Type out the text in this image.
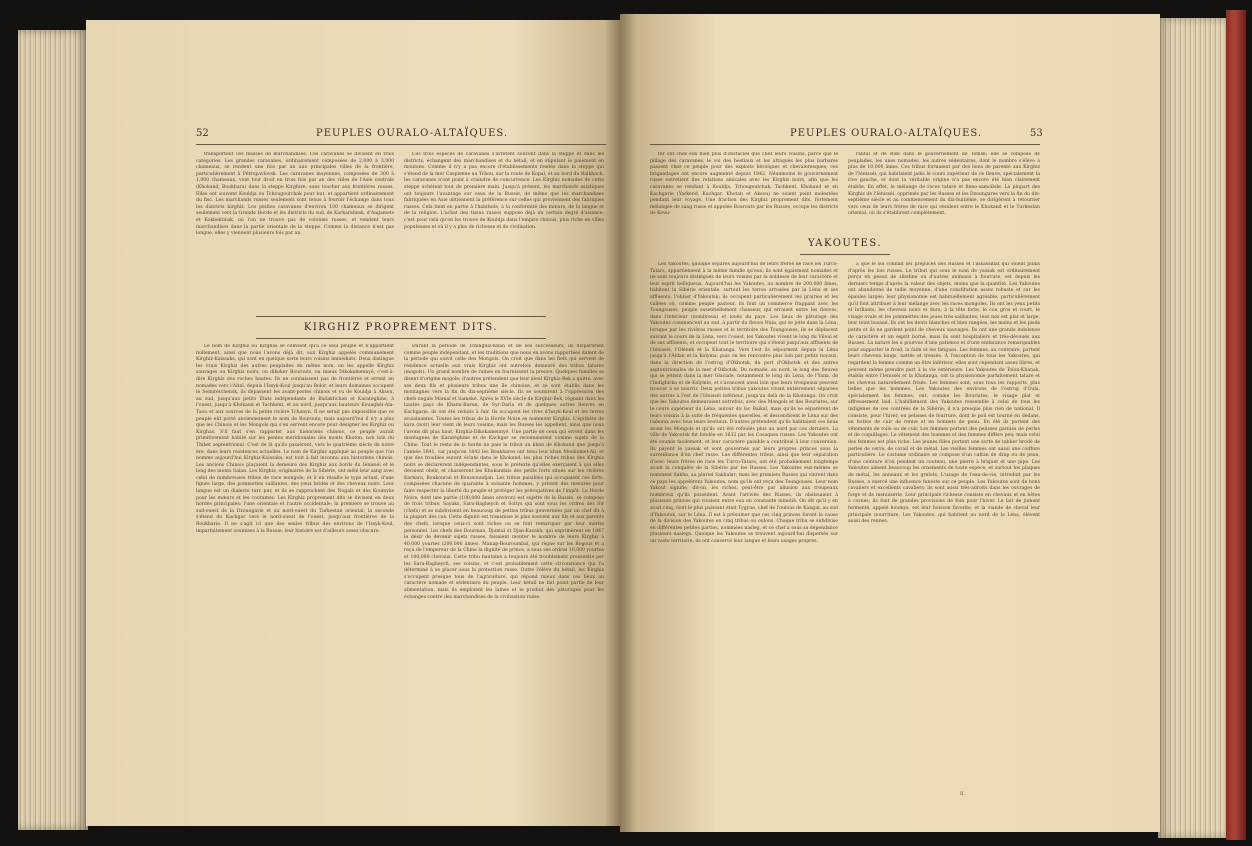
52	PEUPLES OURALO-ALTAÏQUES.

transportent ces masses de marchandises. Ces caravanes se divisent en trois catégories. Les grandes caravanes, ordinairement composées de 2,000 à 3,000 chameaux, se rendent une fois par an aux principales villes de la frontière, particulièrement à Pétropavlovsk. Les caravanes moyennes, composées de 300 à 1,000 chameaux, vont tout droit en trois fois par an des villes de l'Asie centrale (Khokand, Boukhara) dans la steppe Kirghize, sans toucher aux frontières russes. Elles ont souvent Kouldja ou Tchougoutchak pour but, et appartient ordinairement du fisc. Les marchands russes seulement sont tenus à fournir l'échange dans tous les districts kirghiz. Les petites caravanes d'environ 100 chameaux se dirigent seulement vers la Grande Horde et les districts du sud, de Karkaralinsk, d'Aagamets et Kokbektinsk, où l'on ne trouve pas de colonies russes, et vendent leurs marchandises dans la partie orientale de la steppe. Comme la distance n'est pas longue, elles y viennent plusieurs fois par an.

Ces trois espèces de caravanes s'arrêtent souvent dans la steppe et dans les districts, échangent des marchandises et du bétail, et en stipulant le paiement en moutons. Comme il n'y a pas encore d'établissements fondés dans la steppe qui s'étend de la mer Caspienne au Tchou, sur la route de Kopal, et au bord du Balkhach, les caravanes n'ont point à craindre de concurrence. Les Kirghiz nomades de cette steppe achètent tout de première main. Jusqu'à présent, les marchands asiatiques ont toujours l'avantage sur ceux de la Russie, de même que les marchandises fabriquées en Asie obtiennent la préférence sur celles qui proviennent des fabriques russes. Cela tient en partie à l'habitude, à la conformité des mœurs, de la langue et de la religion. L'achat des tissus russes suppose déjà un certain degré d'aisance; c'est pour cela qu'on les trouve de Kouldja dans l'empire chinois, plus riche en villes populeuses et où il y a plus de richesse et de civilisation.

KIRGHIZ PROPREMENT DITS.

Le nom de Kirghiz ou Kirghas se convient qu'à ce seul peuple et n'appartient nullement, ainsi que nous l'avons déjà dit, aux Kirghiz appelés communément Kirghiz-Kaïssaks, qui sont en quelque sorte leurs voisins immédiats. Deux distingue les vrais Kirghiz des autres peuplades du même nom, on les appelle Kirghiz sauvages ou Kirghiz noirs, ou dikoker Bourouts, ou mieux Dikokamennyé, c'est-à-dire Kirghiz des roches hautes. Ils ne connaissent pas de frontières et errent en nomades vers l'Altaï, depuis l'Issyk-Koul jusqu'au Bolor, et leurs domaines occupent le Semirétchensk, ils dépassent les avant-postes chinois et vu de Kouldja à Aksou, au sud, jusqu'aux petits États indépendants de Badakhchan et Karatéghine, à l'ouest, jusqu'à Khokand et Tachkent, et au nord, jusqu'aux hauteurs Kounghéi-Ala-Taou et aux sources de la petite rivière Tchanyn. Il ne serait pas impossible que ce peuple eût porté anciennement le nom de Bourouts; mais aujourd'hui il n'y a plus que les Chinois et les Mongols qui s'en servent encore pour désigner les Kirghiz ou Kirghas. S'il faut s'en rapporter aux historiens chinois, ce peuple aurait primitivement habité sur les pentes méridionales des monts Khoton, non loin du Thibet septentrional. C'est de là qu'ils passèrent, vers le quatrième siècle de notre ère, dans leurs résidences actuelles. Le nom de Kirghiz appliqué au peuple que l'on nomme aujourd'hui Kirghiz-Kaïssaks, est tout à fait inconnu aux historiens chinois. Les anciens Chinois plaçaient la demeure des Kirghiz aux bords du Iénisséi et le long des monts Saïan. Les Kirghiz, originaires de la Sibérie, ont mêlé leur sang avec celui de nombreuses tribus de race mongole, et il en résulte le type actuel, d'une figure large, des pommettes saillantes, des yeux bridés et des cheveux noirs. Leur langue est un dialecte turc pur, et ils se rapprochent des Nogaïs et des Koumyks pour les mœurs et les coutumes. Les Kirghiz proprement dits se divisent en deux hordes principales: l'une orientale et l'autre occidentale; la première se trouve au sud-ouest de la Dzoungarie et au nord-ouest du Turkestan oriental; la seconde s'étend du Kachgar vers le nord-ouest de l'ouest, jusqu'aux frontières de la Boukharie. Il ne s'agit ici que des seules tribus des environs de l'Issyk-Koul, imparfaitement soumises à la Russie; leur histoire est d'ailleurs assez obscure.

Durant la période de Tchinguiz-Khan et de ses successeurs, ils disparurent comme peuple indépendant, et les traditions que nous en avons rapportées datent de la période qui suivit celle des Mongols. On croit que dans les fiefs qui servent de résidence actuelle aux vrais Kirghiz ont autrefois demeuré des tribus tatares (mogols). Un grand nombre de ruines en fournissent la preuve. Quelques familles se disent d'origine mogole; d'autres prétendent que leur aïeul Kirghiz-Bek a quitté, avec ses deux fils et plusieurs tribus une île chinoise, et se sont établis dans les montagnes vers la fin du dix-septième siècle. Ils se soumirent à l'oppression des chefs nogaïs Mamaï et Sameké. Après le XVIe siècle de Kirghiz-Bek, régnant dans les hautes pays de Khami-Burun, de Syr-Daria et de quelques autres fleuves en Kachgarie, ils ont été réduits à fuir. Ils occupent les rives d'Issyk-Koul et les terres avoisinantes. Toutes les tribus de la Horde Noire se nomment Kirghiz. L'épithète de kara (noir) leur vient de leurs voisins; mais les Russes les appellent, ainsi que nous l'avons dit plus haut, Kirghiz-Dikokamennyé. Une partie de ceux qui errent dans les montagnes de Karatéghine et de Kachgar se reconnaissent comme sujets de la Chine. Tout le reste de la horde ne paie le tribut au khan de Khokand que jusqu'à l'année 1841, car jusqu'en 1842 les Boukhares ont tenu leur khan Moukamet-Ali, et que des troubles eurent éclaté dans le Khokand, les plus riches tribus des Kirghiz noirs se déclarèrent indépendantes, sous le prétexte qu'elles exerçaient à qui elles devaient obéir, et chassèrent les Khokandais des petits forts situés sur les rivières Karkara, Boukouran et Koussoundjan. Les tribus paisibles qui occupaient ces forts, composées chacune de quarante à soixante hommes, y prirent des mesures pour faire respecter la liberté du peuple et protéger les prérogatives de l'impôt. La Horde Noire, dont une partie (100,000 âmes environ) est sujette de la Russie, se compose de trois tribus: Sayaks, Saru-Bagheych et Soltys qui sont sous les ordres des Sir (chefs) et se subdivisent en beaucoup de petites tribus gouvernées par un chef dit à la plupart des cas. Cette dignité est transmise le plus souvent aux fils et aux parents des chefs, lorsque ceux-ci sont riches ou se font remarquer par leur mérite personnel. Les chefs des Dourman, Djantaï et Djan-Kazakh, qui exprimèrent en 1847 le désir de devenir sujets russes, faisaient monter le nombre de leurs Kirghiz à 40,000 yourtes (200,000 âmes). Manap-Bouroumbaï, qui règne sur les Bogous et a reçu de l'empereur de la Chine la dignité de prince, a sous ses ordres 10,000 yourtes et 100,000 chevaux. Cette tribu hautaine a toujours été troublement pressentie par les Sara-Bagheych, ses voisins, et c'est probablement cette circonstance qui l'a déterminé à se placer sous la protection russe. Outre l'élève du bétail, les Kirghiz s'occupent presque tous de l'agriculture, qui répond mieux dans ces lieux au caractère nomade et sédentaire du peuple. Leur bétail ne fait point partie de leur alimentation, mais ils emploient les laines et le produit des pâturages pour les échanges contre des marchandises de la civilisation russe.

PEUPLES OURALO-ALTAÏQUES.	53

ter ont chez eux bien plus d'obstacles que chez leurs voisins, parce que le pillage des caravanes, le vol des bestiaux et les attaques les plus barbares passent chez ce peuple pour des exploits héroïques et chevaleresques; ces brigandages ont encore augmenté depuis 1842. Néanmoins le gouvernement russe entretient des relations amicales avec les Kirghiz noirs, afin que les caravanes se rendant à Kouldja, Tchougoutchak, Tachkent, Khokand et en Kachgarie (Yarkend, Kachgar, Khotan et Aksou) ne soient point molestées pendant leur voyage. Une fraction des Kirghiz proprement dits, fortement mélangée de sang russe et appelée Bourouts par les Russes, occupe les districts de Kouu-

rantal et de Bisk dans le gouvernement de Tomsk; elle se compose de peuplades, les unes nomades, les autres sédentaires, dont le nombre s'élève à plus de 10,000 âmes. Ces tribus formaient par des liens de parenté aux Kirghiz de l'Iénisséi, qui habitaient jadis le cours supérieur de ce fleuve, spécialement la rive gauche, et dont la véritable origine n'a pas encore été bien clairement établie. En effet, le mélange de races tatare et finno-samoïède. La plupart des Kirghiz de l'Iénisséi, opprimés par les Russes et les Dzoungares vers la fin du dix-septième siècle et au commencement du dix-huitième, se dirigèrent à retourner vers ceux de leurs frères de race qui résident entre le Khokand et le Turkestan oriental, où ils s'établirent complètement.

YAKOUTES.

Les Yakoutes, quoique séparés aujourd'hui de leurs frères de race les Turco-Tatars, appartiennent à la même famille qu'eux; ils sont également nomades et ne sont toujours distingués de leurs voisins par la noblesse de leur caractère et leur esprit belliqueux. Aujourd'hui les Yakoutes, au nombre de 200,000 âmes, habitent la Sibérie orientale, surtout les terres arrosées par la Léna et ses affluents, l'oblast d'Yakoutsk; ils occupent particulièrement les prairies et les vallées où, comme peuple pasteur, ils font un commerce frappant avec les Toungouses, peuple essentiellement chasseur, qui erraient entre les fleuves, dans l'intérieur (nombreux) et loués du pays. Les lieux de pâturage des Yakoutes commencent au sud, à partir du fleuve Nuia, qui se jette dans la Léna; lorsque par les rivières russes et le territoire des Toungouses, ils se déplacent suivant le cours de la Léna, vers l'ouest, les Yakoutes vivent le long du Viloui et de ses affluents, et occupent tout le territoire qui s'étend jusqu'aux affluents de l'Iénisséi, l'Olének et la Khatanga. Vers l'est ils séjournent depuis la Léna jusqu'à l'Aldan et la Kolyma; puis on les rencontre plus loin par petits noyaux, dans la direction de l'ostrog d'Okhotsk, du port d'Okhotsk et des autres septentrionales de la mer d'Okhotsk. Du nomade, au nord, le long des fleuves qui se jettent dans la mer Glaciale, notamment le long du Léna, de l'Yana, de l'Indighirka et de Kolymie, et s'avancent aussi loin que leurs troupeaux peuvent trouver à se nourrir. Deux petites tribus yakoutes vivent entièrement séparées des autres à l'est de l'Iénisséi inférieur, jusqu'au delà de la Khatanga. On croit que les Yakoutes demeuraient autrefois, avec des Mongols et des Bouriates, sur le cours supérieur du Léna, autour du lac Baïkal, mais qu'ils se séparèrent de leurs voisins à la suite de fréquentes querelles, et descendirent le Léna sur des radeaux avec tous leurs bestiaux. D'autres prétendent qu'ils habitaient ces lieux avant les Mongols et qu'ils ont été refoulés plus au nord par ces derniers. La ville de Yakoutsk fut fondée en 1632 par les Cosaques russes. Les Yakoutes ont été soumis facilement, et leur caractère paisible a contribué à leur conversion. Ils payent le yassak et sont gouvernés par leurs propres princes sous la surveillance d'un chef russe. Les différentes tribus, ainsi que leur séparation d'avec leurs frères de race les Turco-Tatars, ont été probablement longtemps avant la conquête de la Sibérie par les Russes. Les Yakoutes eux-mêmes se nomment Sakha, au pluriel Sakhalar; mais les premiers Russes qui vinrent dans ce pays les appelèrent Yakoutes, nom qu'ils ont reçu des Toungouses. Leur nom Yakout signifie, dit-on, les riches, peut-être par allusion aux troupeaux nombreux qu'ils possèdent. Avant l'arrivée des Russes, ils obéissaient à plusieurs princes qui vivaient entre eux en constante inimitié. On dit qu'il y en avait cinq, dont le plus puissant était Tygyne, chef de l'oulous de Kangal, au sud d'Yakoutsk, sur le Léna. Il est à présumer que ces cinq princes furent la cause de la division des Yakoutes en cinq tribus ou oulous. Chaque tribu se subdivise en différentes petites parties, nommées nasleg, et ce chef a sous sa dépendance plusieurs naslegs. Quoique les Yakoutes se trouvent aujourd'hui dispersés sur un vaste territoire, ils ont conservé leur langue et leurs usages propres.

a que le sol connaît les prépuces des Russes et l'assassinat qui soient punis d'après les lois russes. Le tribut qui sous le nom de yassak est ordinairement perçu en peaux de zibeline ou d'autres animaux à fourrure, est depuis les derniers temps d'après la valeur des objets, moins que la quantité. Les Yakoutes ont abandonné de taille moyenne, d'une constitution assez robuste et sur les épaules larges; leur physionomie est habituellement agréable, particulièrement qu'il font attribuer à leur mélange avec les races mongoles. Ils ont les yeux petits et brillants; les cheveux noirs et durs; à la tête forte, le cou gros et court, le visage ovale et les pommettes des joues très-saillantes; leur nez est plat et large, leur teint basané. Ils ont les dents blanches et bien rangées, les mains et les pieds petits et ils ne gardent point de cheveux sauvages. Ils ont une grande indolence de caractère et un esprit borné, mais ils sont hospitaliers et très-dévoués aux Russes. La nature les a pourvus d'une patience et d'une endurance remarquables pour supporter le froid, la faim et les fatigues. Les femmes, au contraire, portent leurs cheveux longs, nattés et tressés. À l'exception de tous les Yakoutes, qui regardent la femme comme un être inférieur, elles sont cependant assez libres, et peuvent même prendre part à la vie extérieure. Les Yakoutes de Toïon-Khanak, établis entre l'Iénisséi et la Khatanga, ont la physionomie parfaitement tatare et les cheveux naturellement frisés. Les femmes sont, sous tous les rapports, plus belles que les hommes. Les Yakoutes des environs de l'ostrog d'Oula, spécialement les femmes, ont, comme les Bouriates, le visage plat et affreusement laid. L'habillement des Yakoutes ressemble à celui de tous les indigènes de ces contrées de la Sibérie; il n'a presque plus rien de national. Il consiste, pour l'hiver, en pelisses de fourrure, dont le poil est tourné en dedans, en bottes de cuir de renne et en bonnets de peau. En été ils portent des vêtements de toile ou de cuir. Les femmes portent des pelisses garnies de perles et de coquillages. Le vêtement des hommes et des femmes diffère peu; mais celui des femmes est plus riche. Les jeunes filles portent une sorte de tablier brodé de perles de verre, de corail et de métal. Les vieilles femmes ont aussi une coiffure particulière. Le costume ordinaire se compose d'un caftan de drap ou de peau, d'une ceinture d'où pendent un couteau, une pierre à briquet et une pipe. Les Yakoutes aiment beaucoup les ornements de toute espèce, et surtout les plaques de métal, les anneaux et les grelots. L'usage de l'eau-de-vie, introduit par les Russes, a exercé une influence funeste sur ce peuple. Les Yakoutes sont de bons cavaliers et excellents cavaliers; ils sont aussi très-adroits dans les ouvrages de forge et de menuiserie. Leur principale richesse consiste en chevaux et en bêtes à cornes; ils font de grandes provisions de foin pour l'hiver. Le lait de jument fermenté, appelé koumys, est leur boisson favorite, et la viande de cheval leur principale nourriture. Les Yakoutes, qui habitent au nord de la Léna, élèvent aussi des rennes.

II.
